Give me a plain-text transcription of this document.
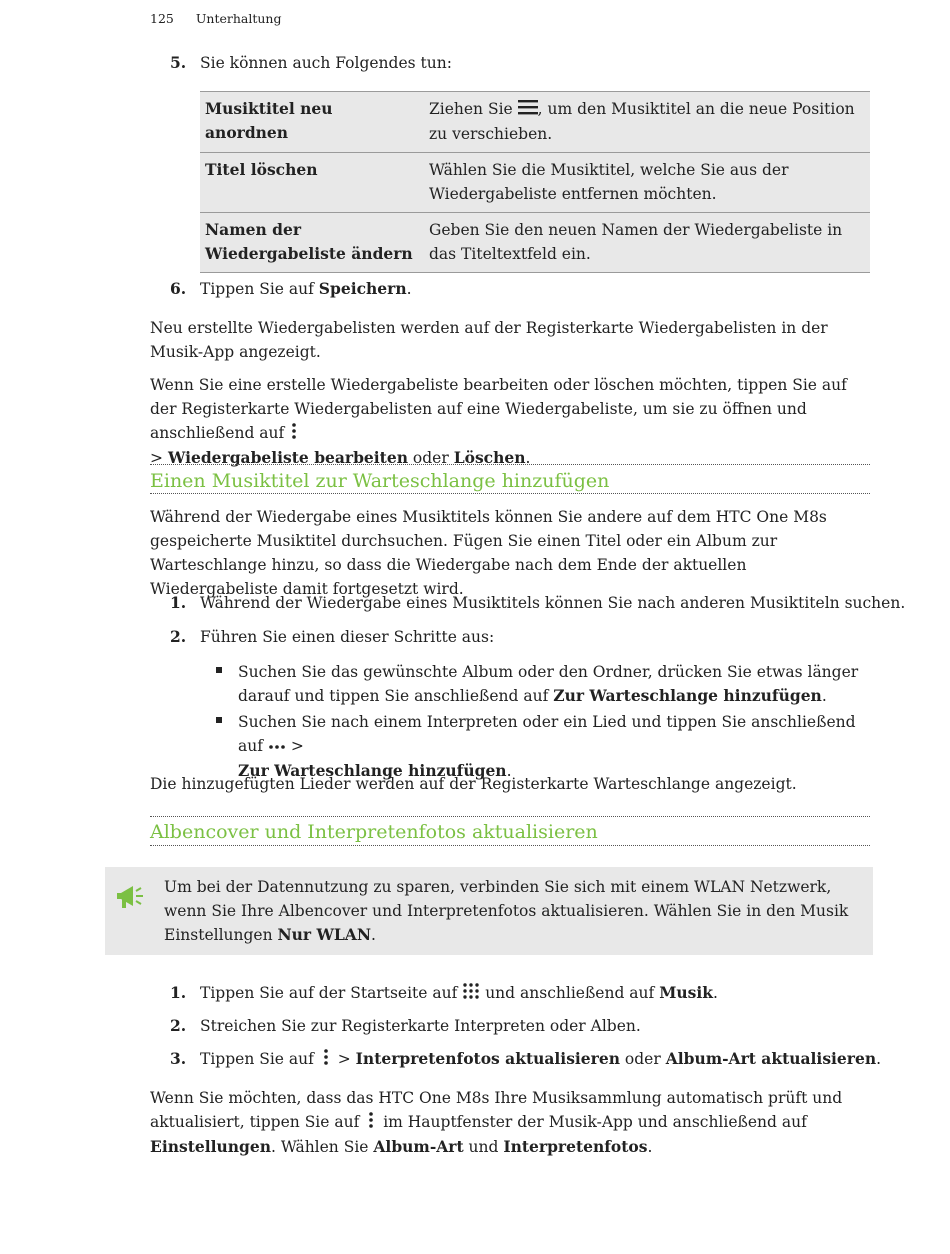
125 Unterhaltung
5. Sie können auch Folgendes tun:
Musiktitel neu anordnen	Ziehen Sie , um den Musiktitel an die neue Position zu verschieben.
Titel löschen	Wählen Sie die Musiktitel, welche Sie aus der Wiedergabeliste entfernen möchten.
Namen der Wiedergabeliste ändern	Geben Sie den neuen Namen der Wiedergabeliste in das Titeltextfeld ein.
6. Tippen Sie auf Speichern.
Neu erstellte Wiedergabelisten werden auf der Registerkarte Wiedergabelisten in der Musik-App angezeigt.
Wenn Sie eine erstelle Wiedergabeliste bearbeiten oder löschen möchten, tippen Sie auf der Registerkarte Wiedergabelisten auf eine Wiedergabeliste, um sie zu öffnen und anschließend auf
> Wiedergabeliste bearbeiten oder Löschen.
Einen Musiktitel zur Warteschlange hinzufügen
Während der Wiedergabe eines Musiktitels können Sie andere auf dem HTC One M8s gespeicherte Musiktitel durchsuchen. Fügen Sie einen Titel oder ein Album zur Warteschlange hinzu, so dass die Wiedergabe nach dem Ende der aktuellen Wiedergabeliste damit fortgesetzt wird.
1. Während der Wiedergabe eines Musiktitels können Sie nach anderen Musiktiteln suchen.
2. Führen Sie einen dieser Schritte aus:
Suchen Sie das gewünschte Album oder den Ordner, drücken Sie etwas länger darauf und tippen Sie anschließend auf Zur Warteschlange hinzufügen.
Suchen Sie nach einem Interpreten oder ein Lied und tippen Sie anschließend auf >
Zur Warteschlange hinzufügen.
Die hinzugefügten Lieder werden auf der Registerkarte Warteschlange angezeigt.
Albencover und Interpretenfotos aktualisieren
Um bei der Datennutzung zu sparen, verbinden Sie sich mit einem WLAN Netzwerk, wenn Sie Ihre Albencover und Interpretenfotos aktualisieren. Wählen Sie in den Musik Einstellungen Nur WLAN.
1. Tippen Sie auf der Startseite auf und anschließend auf Musik.
2. Streichen Sie zur Registerkarte Interpreten oder Alben.
3. Tippen Sie auf > Interpretenfotos aktualisieren oder Album-Art aktualisieren.
Wenn Sie möchten, dass das HTC One M8s Ihre Musiksammlung automatisch prüft und aktualisiert, tippen Sie auf im Hauptfenster der Musik-App und anschließend auf Einstellungen. Wählen Sie Album-Art und Interpretenfotos.
